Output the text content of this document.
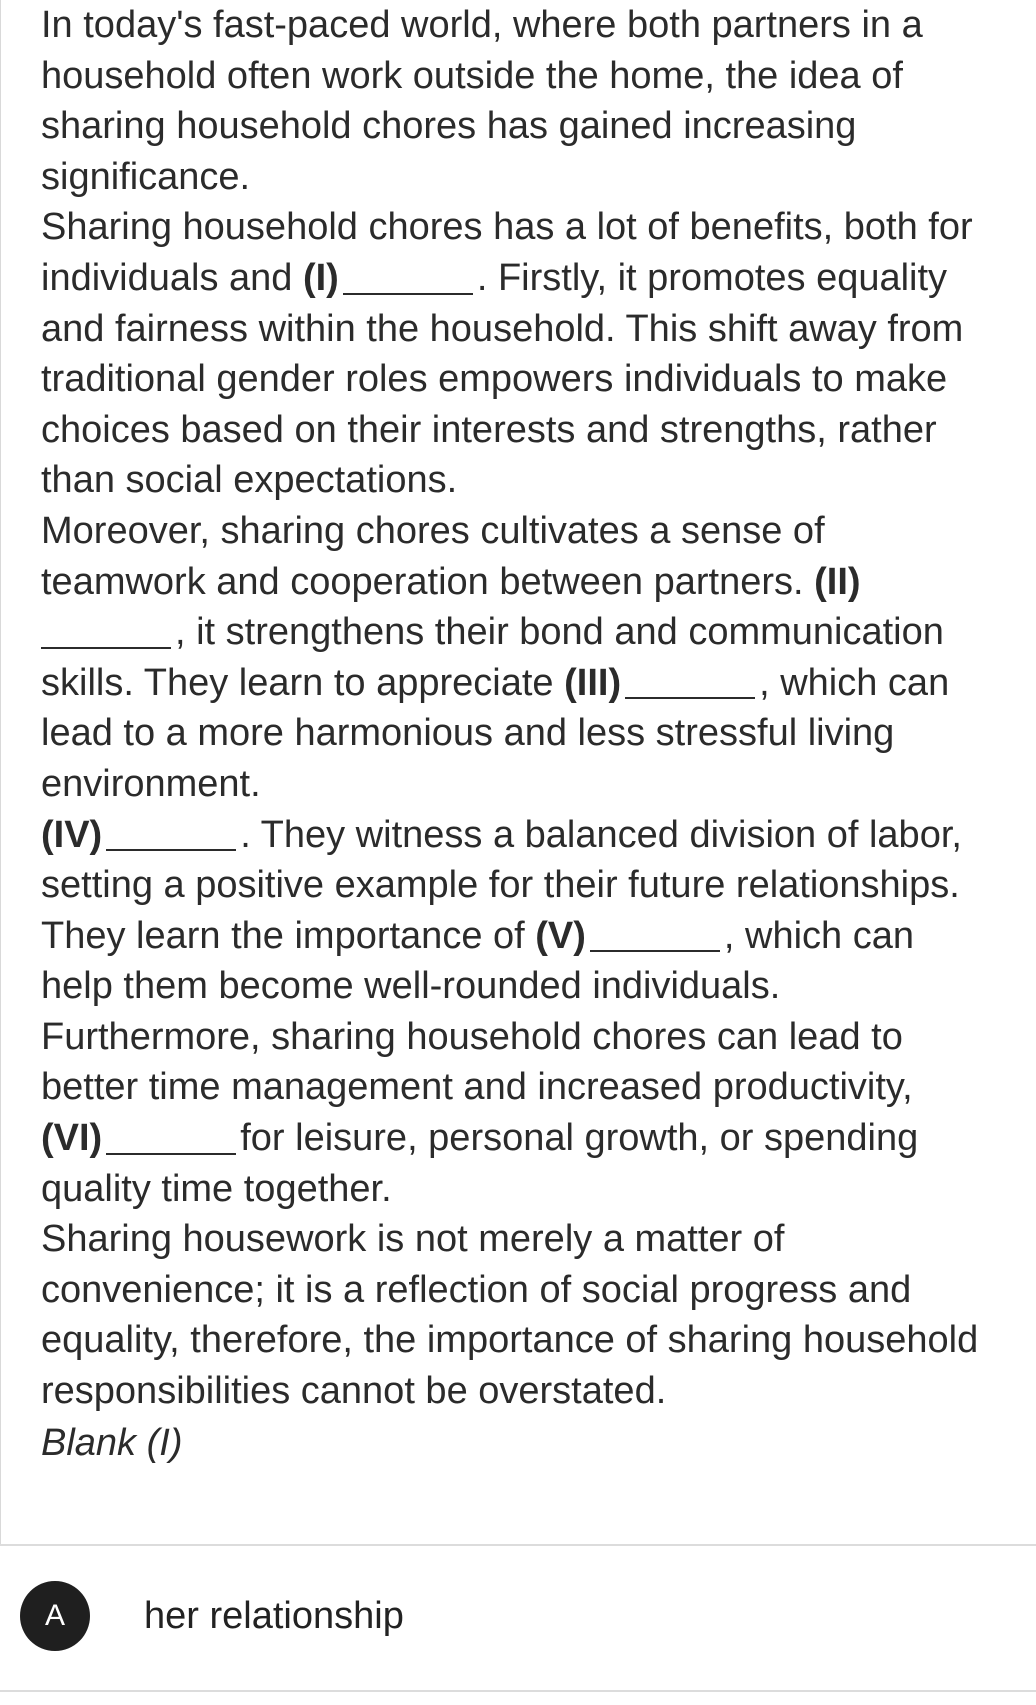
In today's fast-paced world, where both partners in a
household often work outside the home, the idea of
sharing household chores has gained increasing
significance.
Sharing household chores has a lot of benefits, both for
individuals and (I)	. Firstly, it promotes equality
and fairness within the household. This shift away from
traditional gender roles empowers individuals to make
choices based on their interests and strengths, rather
than social expectations.
Moreover, sharing chores cultivates a sense of
teamwork and cooperation between partners. (II)
, it strengthens their bond and communication
skills. They learn to appreciate (III)	, which can
lead to a more harmonious and less stressful living
environment.
(IV)	. They witness a balanced division of labor,
setting a positive example for their future relationships.
They learn the importance of (V)	, which can
help them become well-rounded individuals.
Furthermore, sharing household chores can lead to
better time management and increased productivity,
(VI)	for leisure, personal growth, or spending
quality time together.
Sharing housework is not merely a matter of
convenience; it is a reflection of social progress and
equality, therefore, the importance of sharing household
responsibilities cannot be overstated.
Blank (I)
A	her relationship
